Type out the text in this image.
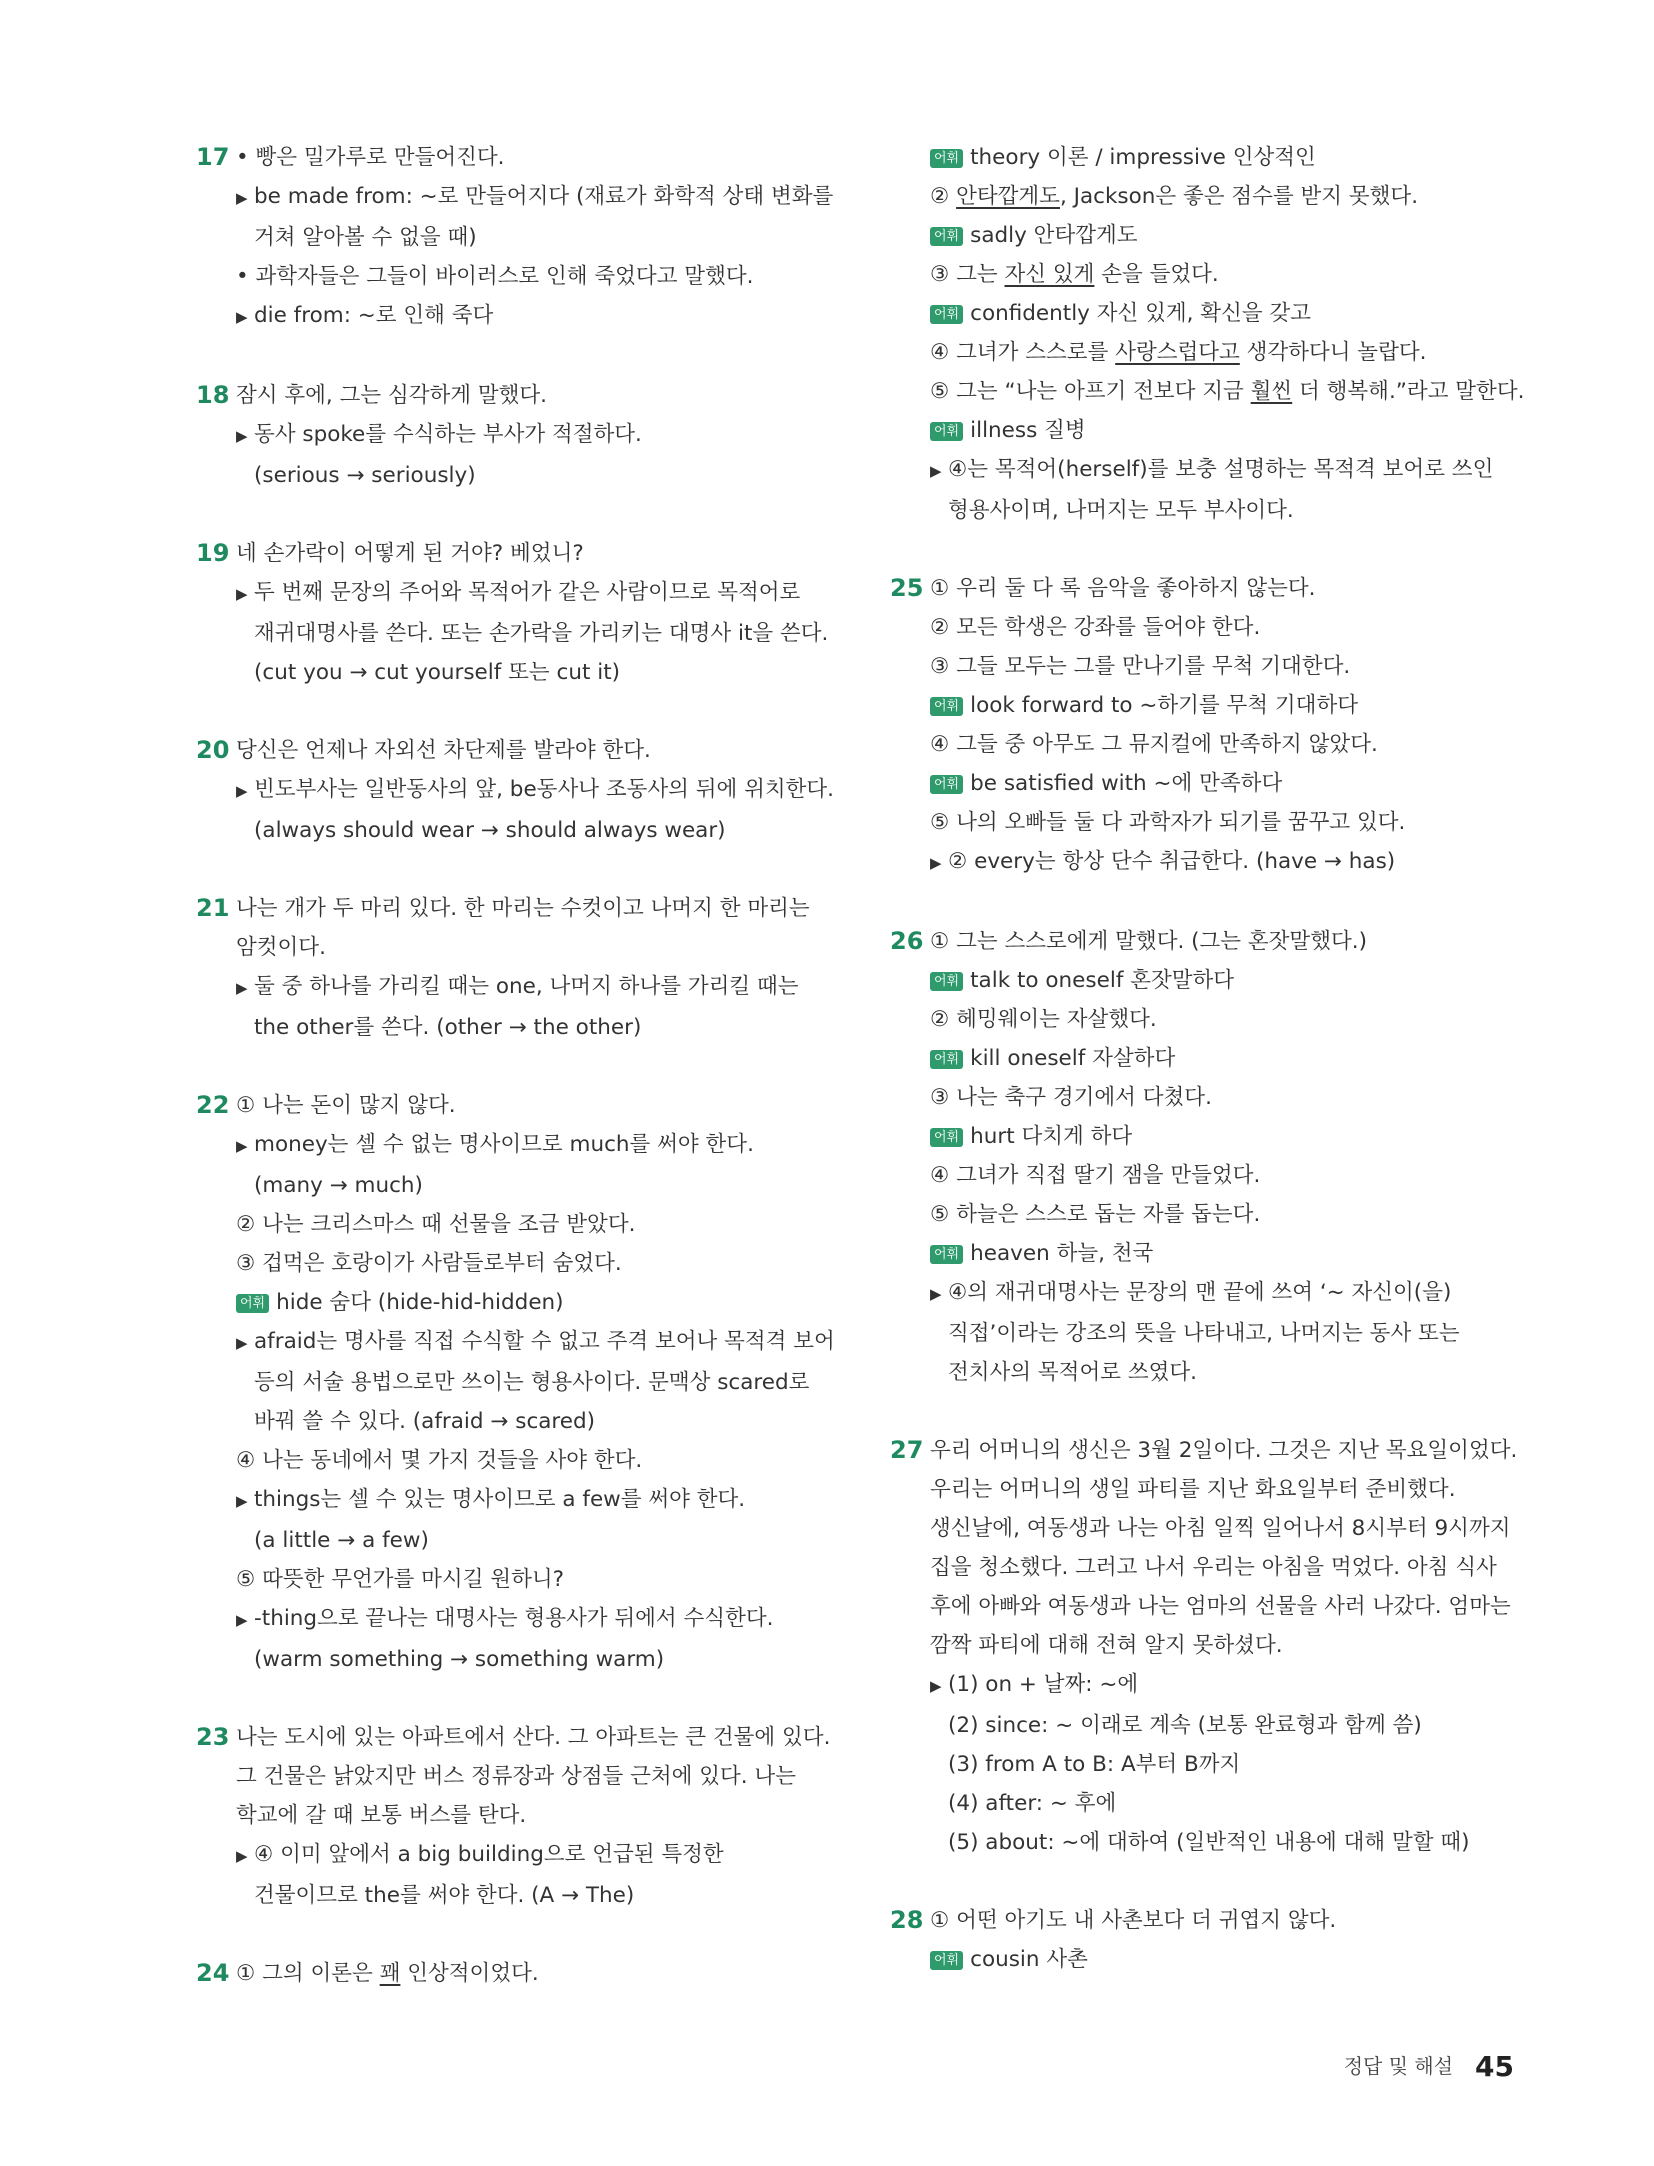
17 • 빵은 밀가루로 만들어진다.
▶ be made from: ~로 만들어지다 (재료가 화학적 상태 변화를
거쳐 알아볼 수 없을 때)
• 과학자들은 그들이 바이러스로 인해 죽었다고 말했다.
▶ die from: ~로 인해 죽다
18 잠시 후에, 그는 심각하게 말했다.
▶ 동사 spoke를 수식하는 부사가 적절하다.
(serious → seriously)
19 네 손가락이 어떻게 된 거야? 베었니?
▶ 두 번째 문장의 주어와 목적어가 같은 사람이므로 목적어로
재귀대명사를 쓴다. 또는 손가락을 가리키는 대명사 it을 쓴다.
(cut you → cut yourself 또는 cut it)
20 당신은 언제나 자외선 차단제를 발라야 한다.
▶ 빈도부사는 일반동사의 앞, be동사나 조동사의 뒤에 위치한다.
(always should wear → should always wear)
21 나는 개가 두 마리 있다. 한 마리는 수컷이고 나머지 한 마리는
암컷이다.
▶ 둘 중 하나를 가리킬 때는 one, 나머지 하나를 가리킬 때는
the other를 쓴다. (other → the other)
22 ① 나는 돈이 많지 않다.
▶ money는 셀 수 없는 명사이므로 much를 써야 한다.
(many → much)
② 나는 크리스마스 때 선물을 조금 받았다.
③ 겁먹은 호랑이가 사람들로부터 숨었다.
어휘 hide 숨다 (hide-hid-hidden)
▶ afraid는 명사를 직접 수식할 수 없고 주격 보어나 목적격 보어
등의 서술 용법으로만 쓰이는 형용사이다. 문맥상 scared로
바꿔 쓸 수 있다. (afraid → scared)
④ 나는 동네에서 몇 가지 것들을 사야 한다.
▶ things는 셀 수 있는 명사이므로 a few를 써야 한다.
(a little → a few)
⑤ 따뜻한 무언가를 마시길 원하니?
▶ -thing으로 끝나는 대명사는 형용사가 뒤에서 수식한다.
(warm something → something warm)
23 나는 도시에 있는 아파트에서 산다. 그 아파트는 큰 건물에 있다.
그 건물은 낡았지만 버스 정류장과 상점들 근처에 있다. 나는
학교에 갈 때 보통 버스를 탄다.
▶ ④ 이미 앞에서 a big building으로 언급된 특정한
건물이므로 the를 써야 한다. (A → The)
24 ① 그의 이론은 꽤 인상적이었다.
어휘 theory 이론 / impressive 인상적인
② 안타깝게도, Jackson은 좋은 점수를 받지 못했다.
어휘 sadly 안타깝게도
③ 그는 자신 있게 손을 들었다.
어휘 confidently 자신 있게, 확신을 갖고
④ 그녀가 스스로를 사랑스럽다고 생각하다니 놀랍다.
⑤ 그는 “나는 아프기 전보다 지금 훨씬 더 행복해.”라고 말한다.
어휘 illness 질병
▶ ④는 목적어(herself)를 보충 설명하는 목적격 보어로 쓰인
형용사이며, 나머지는 모두 부사이다.
25 ① 우리 둘 다 록 음악을 좋아하지 않는다.
② 모든 학생은 강좌를 들어야 한다.
③ 그들 모두는 그를 만나기를 무척 기대한다.
어휘 look forward to ~하기를 무척 기대하다
④ 그들 중 아무도 그 뮤지컬에 만족하지 않았다.
어휘 be satisfied with ~에 만족하다
⑤ 나의 오빠들 둘 다 과학자가 되기를 꿈꾸고 있다.
▶ ② every는 항상 단수 취급한다. (have → has)
26 ① 그는 스스로에게 말했다. (그는 혼잣말했다.)
어휘 talk to oneself 혼잣말하다
② 헤밍웨이는 자살했다.
어휘 kill oneself 자살하다
③ 나는 축구 경기에서 다쳤다.
어휘 hurt 다치게 하다
④ 그녀가 직접 딸기 잼을 만들었다.
⑤ 하늘은 스스로 돕는 자를 돕는다.
어휘 heaven 하늘, 천국
▶ ④의 재귀대명사는 문장의 맨 끝에 쓰여 ‘~ 자신이(을)
직접’이라는 강조의 뜻을 나타내고, 나머지는 동사 또는
전치사의 목적어로 쓰였다.
27 우리 어머니의 생신은 3월 2일이다. 그것은 지난 목요일이었다.
우리는 어머니의 생일 파티를 지난 화요일부터 준비했다.
생신날에, 여동생과 나는 아침 일찍 일어나서 8시부터 9시까지
집을 청소했다. 그러고 나서 우리는 아침을 먹었다. 아침 식사
후에 아빠와 여동생과 나는 엄마의 선물을 사러 나갔다. 엄마는
깜짝 파티에 대해 전혀 알지 못하셨다.
▶ (1) on + 날짜: ~에
(2) since: ~ 이래로 계속 (보통 완료형과 함께 씀)
(3) from A to B: A부터 B까지
(4) after: ~ 후에
(5) about: ~에 대하여 (일반적인 내용에 대해 말할 때)
28 ① 어떤 아기도 내 사촌보다 더 귀엽지 않다.
어휘 cousin 사촌
정답 및 해설 45
